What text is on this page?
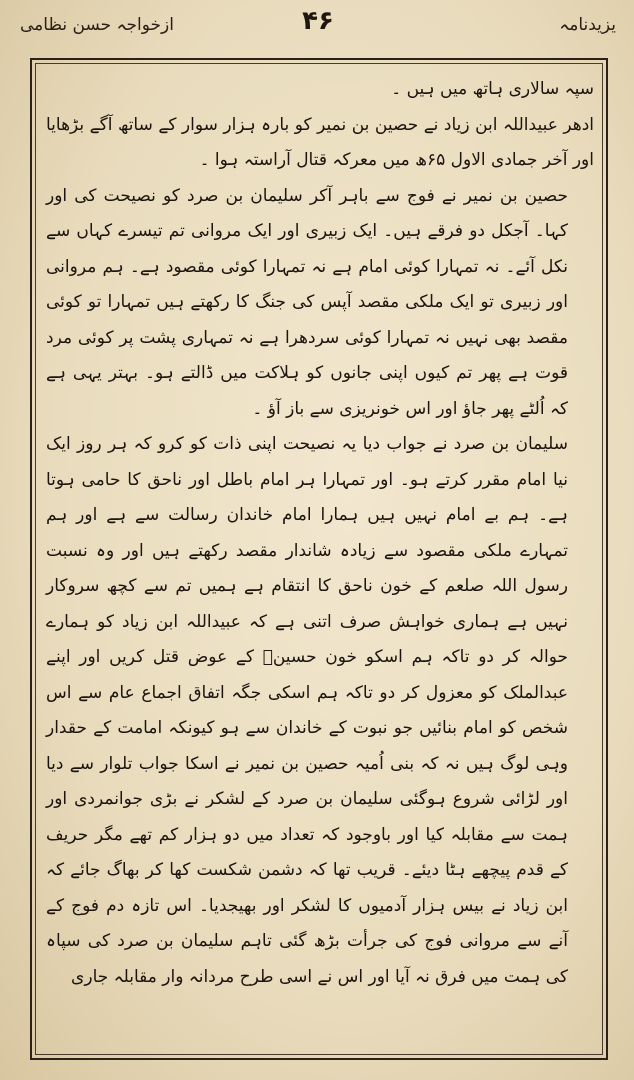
یزیدنامہ
۴۶
ازخواجہ حسن نظامی

سپہ سالاری ہاتھ میں ہیں ۔

ادھر عبیداللہ ابن زیاد نے حصین بن نمیر کو بارہ ہزار سوار کے ساتھ آگے بڑھایا اور آخر جمادی الاول ۶۵ھ میں معرکہ قتال آراستہ ہوا ۔

حصین بن نمیر نے فوج سے باہر آکر سلیمان بن صرد کو نصیحت کی اور کہا۔ آجکل دو فرقے ہیں۔ ایک زبیری اور ایک مروانی تم تیسرے کہاں سے نکل آئے۔ نہ تمہارا کوئی امام ہے نہ تمہارا کوئی مقصود ہے۔ ہم مروانی اور زبیری تو ایک ملکی مقصد آپس کی جنگ کا رکھتے ہیں تمہارا تو کوئی مقصد بھی نہیں نہ تمہارا کوئی سردھرا ہے نہ تمہاری پشت پر کوئی مرد قوت ہے پھر تم کیوں اپنی جانوں کو ہلاکت میں ڈالتے ہو۔ بہتر یہی ہے کہ اُلٹے پھر جاؤ اور اس خونریزی سے باز آؤ ۔

سلیمان بن صرد نے جواب دیا یہ نصیحت اپنی ذات کو کرو کہ ہر روز ایک نیا امام مقرر کرتے ہو۔ اور تمہارا ہر امام باطل اور ناحق کا حامی ہوتا ہے۔ ہم بے امام نہیں ہیں ہمارا امام خاندان رسالت سے ہے اور ہم تمہارے ملکی مقصود سے زیادہ شاندار مقصد رکھتے ہیں اور وہ نسبت رسول اللہ صلعم کے خون ناحق کا انتقام ہے ہمیں تم سے کچھ سروکار نہیں ہے ہماری خواہش صرف اتنی ہے کہ عبیداللہ ابن زیاد کو ہمارے حوالہ کر دو تاکہ ہم اسکو خون حسینؓ کے عوض قتل کریں اور اپنے عبدالملک کو معزول کر دو تاکہ ہم اسکی جگہ اتفاق اجماع عام سے اس شخص کو امام بنائیں جو نبوت کے خاندان سے ہو کیونکہ امامت کے حقدار وہی لوگ ہیں نہ کہ بنی اُمیہ حصین بن نمیر نے اسکا جواب تلوار سے دیا اور لڑائی شروع ہوگئی سلیمان بن صرد کے لشکر نے بڑی جوانمردی اور ہمت سے مقابلہ کیا اور باوجود کہ تعداد میں دو ہزار کم تھے مگر حریف کے قدم پیچھے ہٹا دیئے۔ قریب تھا کہ دشمن شکست کھا کر بھاگ جائے کہ ابن زیاد نے بیس ہزار آدمیوں کا لشکر اور بھیجدیا۔ اس تازہ دم فوج کے آنے سے مروانی فوج کی جرأت بڑھ گئی تاہم سلیمان بن صرد کی سپاہ کی ہمت میں فرق نہ آیا اور اس نے اسی طرح مردانہ وار مقابلہ جاری
